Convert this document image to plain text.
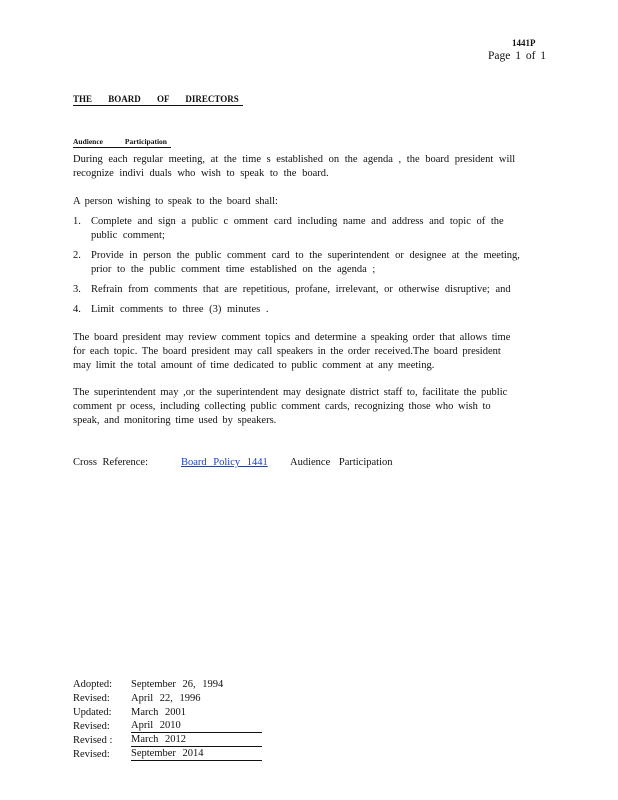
1441P
Page 1 of 1
THE BOARD OF DIRECTORS
Audience Participation
During each regular meeting, at the time s established on the agenda , the board president will
recognize indivi duals who wish to speak to the board.
A person wishing to speak to the board shall:
1. Complete and sign a public c omment card including name and address and topic of the
public comment;
2. Provide in person the public comment card to the superintendent or designee at the meeting,
prior to the public comment time established on the agenda ;
3. Refrain from comments that are repetitious, profane, irrelevant, or otherwise disruptive; and
4. Limit comments to three (3) minutes .
The board president may review comment topics and determine a speaking order that allows time
for each topic. The board president may call speakers in the order received.The board president
may limit the total amount of time dedicated to public comment at any meeting.
The superintendent may ,or the superintendent may designate district staff to, facilitate the public
comment pr ocess, including collecting public comment cards, recognizing those who wish to
speak, and monitoring time used by speakers.
Cross Reference:	Board Policy 1441 Audience Participation
Adopted: September 26, 1994
Revised: April 22, 1996
Updated: March 2001
Revised: April 2010
Revised : March 2012
Revised: September 2014
